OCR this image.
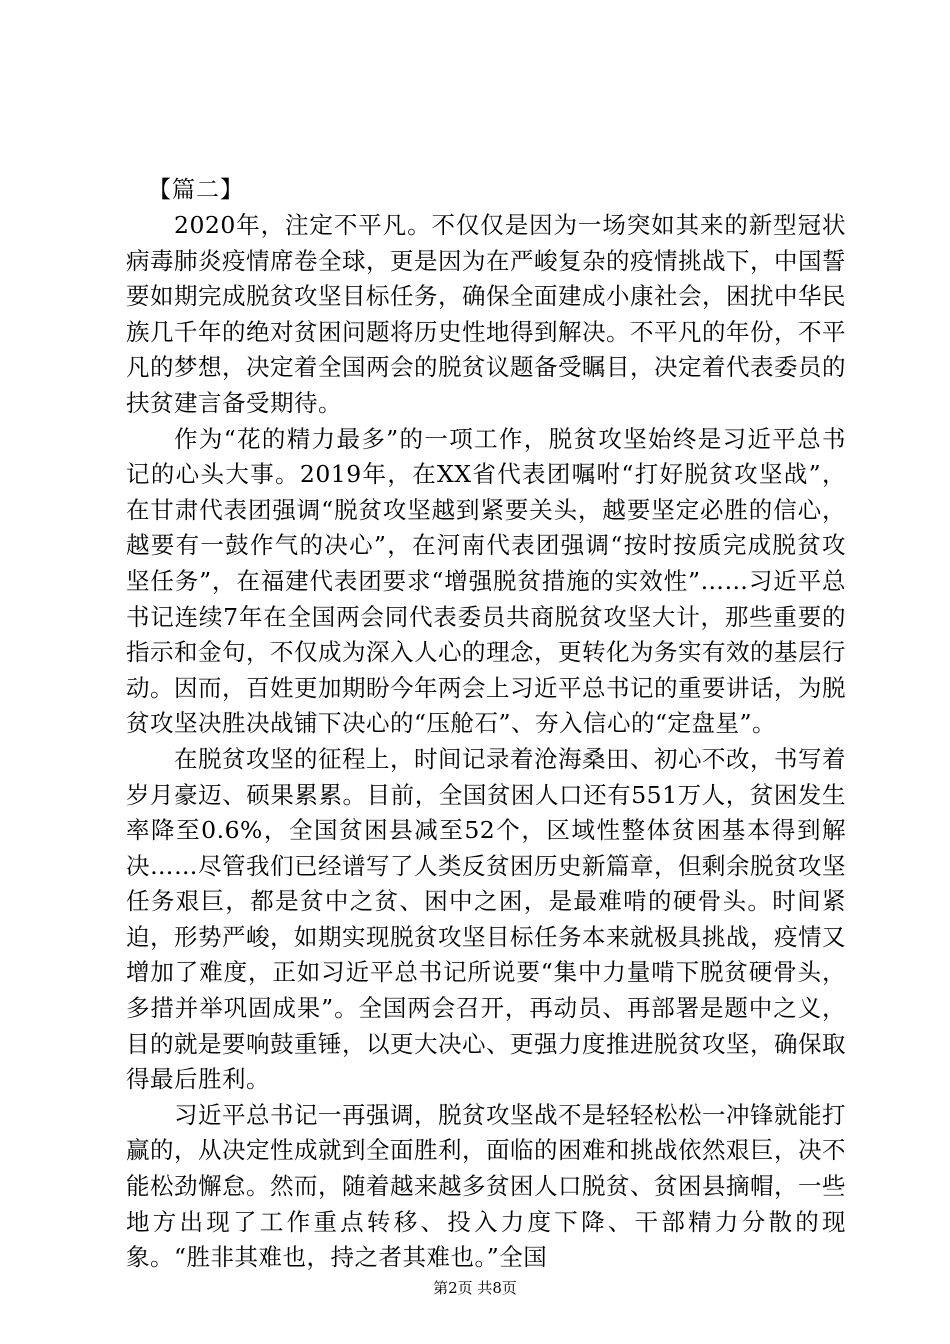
【篇二】

2020年，注定不平凡。不仅仅是因为一场突如其来的新型冠状病毒肺炎疫情席卷全球，更是因为在严峻复杂的疫情挑战下，中国誓要如期完成脱贫攻坚目标任务，确保全面建成小康社会，困扰中华民族几千年的绝对贫困问题将历史性地得到解决。不平凡的年份，不平凡的梦想，决定着全国两会的脱贫议题备受瞩目，决定着代表委员的扶贫建言备受期待。

作为“花的精力最多”的一项工作，脱贫攻坚始终是习近平总书记的心头大事。2019年，在XX省代表团嘱咐“打好脱贫攻坚战”，在甘肃代表团强调“脱贫攻坚越到紧要关头，越要坚定必胜的信心，越要有一鼓作气的决心”，在河南代表团强调“按时按质完成脱贫攻坚任务”，在福建代表团要求“增强脱贫措施的实效性”……习近平总书记连续7年在全国两会同代表委员共商脱贫攻坚大计，那些重要的指示和金句，不仅成为深入人心的理念，更转化为务实有效的基层行动。因而，百姓更加期盼今年两会上习近平总书记的重要讲话，为脱贫攻坚决胜决战铺下决心的“压舱石”、夯入信心的“定盘星”。

在脱贫攻坚的征程上，时间记录着沧海桑田、初心不改，书写着岁月豪迈、硕果累累。目前，全国贫困人口还有551万人，贫困发生率降至0.6%，全国贫困县减至52个，区域性整体贫困基本得到解决……尽管我们已经谱写了人类反贫困历史新篇章，但剩余脱贫攻坚任务艰巨，都是贫中之贫、困中之困，是最难啃的硬骨头。时间紧迫，形势严峻，如期实现脱贫攻坚目标任务本来就极具挑战，疫情又增加了难度，正如习近平总书记所说要“集中力量啃下脱贫硬骨头，多措并举巩固成果”。全国两会召开，再动员、再部署是题中之义，目的就是要响鼓重锤，以更大决心、更强力度推进脱贫攻坚，确保取得最后胜利。

习近平总书记一再强调，脱贫攻坚战不是轻轻松松一冲锋就能打赢的，从决定性成就到全面胜利，面临的困难和挑战依然艰巨，决不能松劲懈怠。然而，随着越来越多贫困人口脱贫、贫困县摘帽，一些地方出现了工作重点转移、投入力度下降、干部精力分散的现象。“胜非其难也，持之者其难也。”全国

第2页 共8页
